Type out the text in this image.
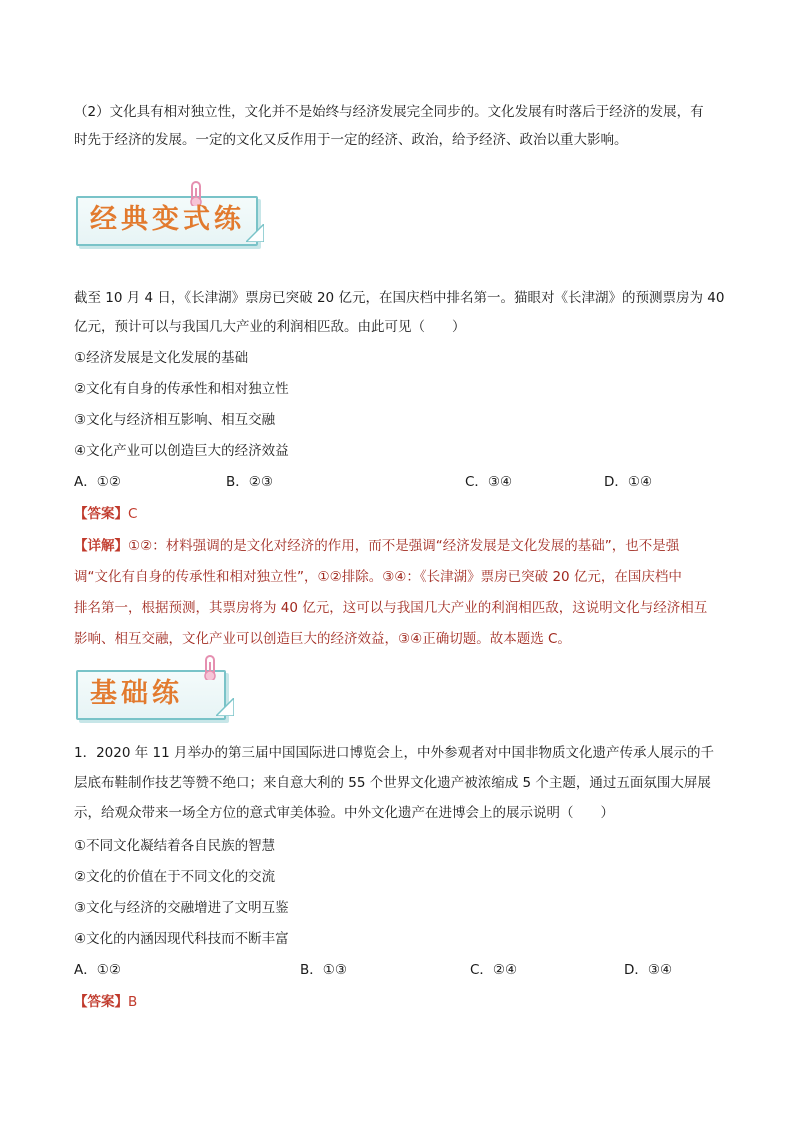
（2）文化具有相对独立性，文化并不是始终与经济发展完全同步的。文化发展有时落后于经济的发展，有
时先于经济的发展。一定的文化又反作用于一定的经济、政治，给予经济、政治以重大影响。
经典变式练
截至 10 月 4 日，《长津湖》票房已突破 20 亿元，在国庆档中排名第一。猫眼对《长津湖》的预测票房为 40
亿元，预计可以与我国几大产业的利润相匹敌。由此可见（　　）
①经济发展是文化发展的基础
②文化有自身的传承性和相对独立性
③文化与经济相互影响、相互交融
④文化产业可以创造巨大的经济效益
A．①②	B．②③	C．③④	D．①④
【答案】C
【详解】①②：材料强调的是文化对经济的作用，而不是强调“经济发展是文化发展的基础”，也不是强
调“文化有自身的传承性和相对独立性”，①②排除。③④：《长津湖》票房已突破 20 亿元，在国庆档中
排名第一，根据预测，其票房将为 40 亿元，这可以与我国几大产业的利润相匹敌，这说明文化与经济相互
影响、相互交融，文化产业可以创造巨大的经济效益，③④正确切题。故本题选 C。
基础练
1．2020 年 11 月举办的第三届中国国际进口博览会上，中外参观者对中国非物质文化遗产传承人展示的千
层底布鞋制作技艺等赞不绝口；来自意大利的 55 个世界文化遗产被浓缩成 5 个主题，通过五面氛围大屏展
示，给观众带来一场全方位的意式审美体验。中外文化遗产在进博会上的展示说明（　　）
①不同文化凝结着各自民族的智慧
②文化的价值在于不同文化的交流
③文化与经济的交融增进了文明互鉴
④文化的内涵因现代科技而不断丰富
A．①②	B．①③	C．②④	D．③④
【答案】B
